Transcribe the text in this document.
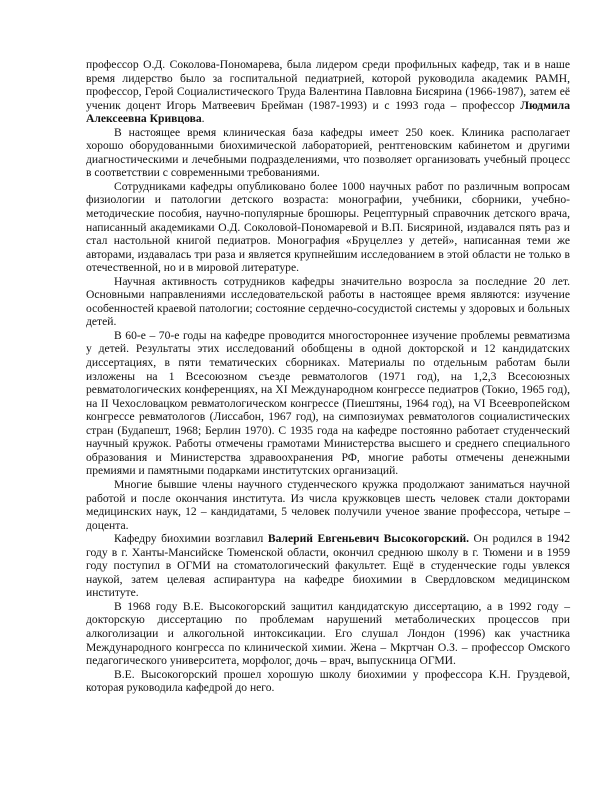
профессор О.Д. Соколова-Пономарева, была лидером среди профильных кафедр, так и в наше время лидерство было за госпитальной педиатрией, которой руководила академик РАМН, профессор, Герой Социалистического Труда Валентина Павловна Бисярина (1966-1987), затем её ученик доцент Игорь Матвеевич Брейман (1987-1993) и с 1993 года – профессор Людмила Алексеевна Кривцова.

В настоящее время клиническая база кафедры имеет 250 коек. Клиника располагает хорошо оборудованными биохимической лабораторией, рентгеновским кабинетом и другими диагностическими и лечебными подразделениями, что позволяет организовать учебный процесс в соответствии с современными требованиями.

Сотрудниками кафедры опубликовано более 1000 научных работ по различным вопросам физиологии и патологии детского возраста: монографии, учебники, сборники, учебно-методические пособия, научно-популярные брошюры. Рецептурный справочник детского врача, написанный академиками О.Д. Соколовой-Пономаревой и В.П. Бисяриной, издавался пять раз и стал настольной книгой педиатров. Монография «Бруцеллез у детей», написанная теми же авторами, издавалась три раза и является крупнейшим исследованием в этой области не только в отечественной, но и в мировой литературе.

Научная активность сотрудников кафедры значительно возросла за последние 20 лет. Основными направлениями исследовательской работы в настоящее время являются: изучение особенностей краевой патологии; состояние сердечно-сосудистой системы у здоровых и больных детей.

В 60-е – 70-е годы на кафедре проводится многостороннее изучение проблемы ревматизма у детей. Результаты этих исследований обобщены в одной докторской и 12 кандидатских диссертациях, в пяти тематических сборниках. Материалы по отдельным работам были изложены на 1 Всесоюзном съезде ревматологов (1971 год), на 1,2,3 Всесоюзных ревматологических конференциях, на XI Международном конгрессе педиатров (Токио, 1965 год), на II Чехословацком ревматологическом конгрессе (Пиештяны, 1964 год), на VI Всеевропейском конгрессе ревматологов (Лиссабон, 1967 год), на симпозиумах ревматологов социалистических стран (Будапешт, 1968; Берлин 1970). С 1935 года на кафедре постоянно работает студенческий научный кружок. Работы отмечены грамотами Министерства высшего и среднего специального образования и Министерства здравоохранения РФ, многие работы отмечены денежными премиями и памятными подарками институтских организаций.

Многие бывшие члены научного студенческого кружка продолжают заниматься научной работой и после окончания института. Из числа кружковцев шесть человек стали докторами медицинских наук, 12 – кандидатами, 5 человек получили ученое звание профессора, четыре – доцента.

Кафедру биохимии возглавил Валерий Евгеньевич Высокогорский. Он родился в 1942 году в г. Ханты-Мансийске Тюменской области, окончил среднюю школу в г. Тюмени и в 1959 году поступил в ОГМИ на стоматологический факультет. Ещё в студенческие годы увлекся наукой, затем целевая аспирантура на кафедре биохимии в Свердловском медицинском институте.

В 1968 году В.Е. Высокогорский защитил кандидатскую диссертацию, а в 1992 году – докторскую диссертацию по проблемам нарушений метаболических процессов при алкоголизации и алкогольной интоксикации. Его слушал Лондон (1996) как участника Международного конгресса по клинической химии. Жена – Мкртчан О.З. – профессор Омского педагогического университета, морфолог, дочь – врач, выпускница ОГМИ.

В.Е. Высокогорский прошел хорошую школу биохимии у профессора К.Н. Груздевой, которая руководила кафедрой до него.
